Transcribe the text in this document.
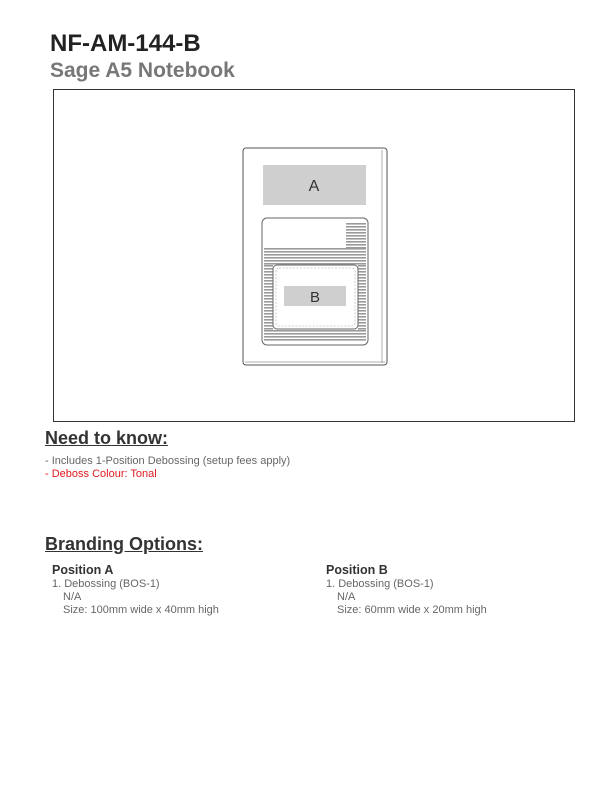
NF-AM-144-B
Sage A5 Notebook
A
B
Need to know:

- Includes 1-Position Debossing (setup fees apply)

- Deboss Colour: Tonal

Branding Options:

Position A

1. Debossing (BOS-1)

N/A

Size: 100mm wide x 40mm high

Position B

1. Debossing (BOS-1)

N/A

Size: 60mm wide x 20mm high
